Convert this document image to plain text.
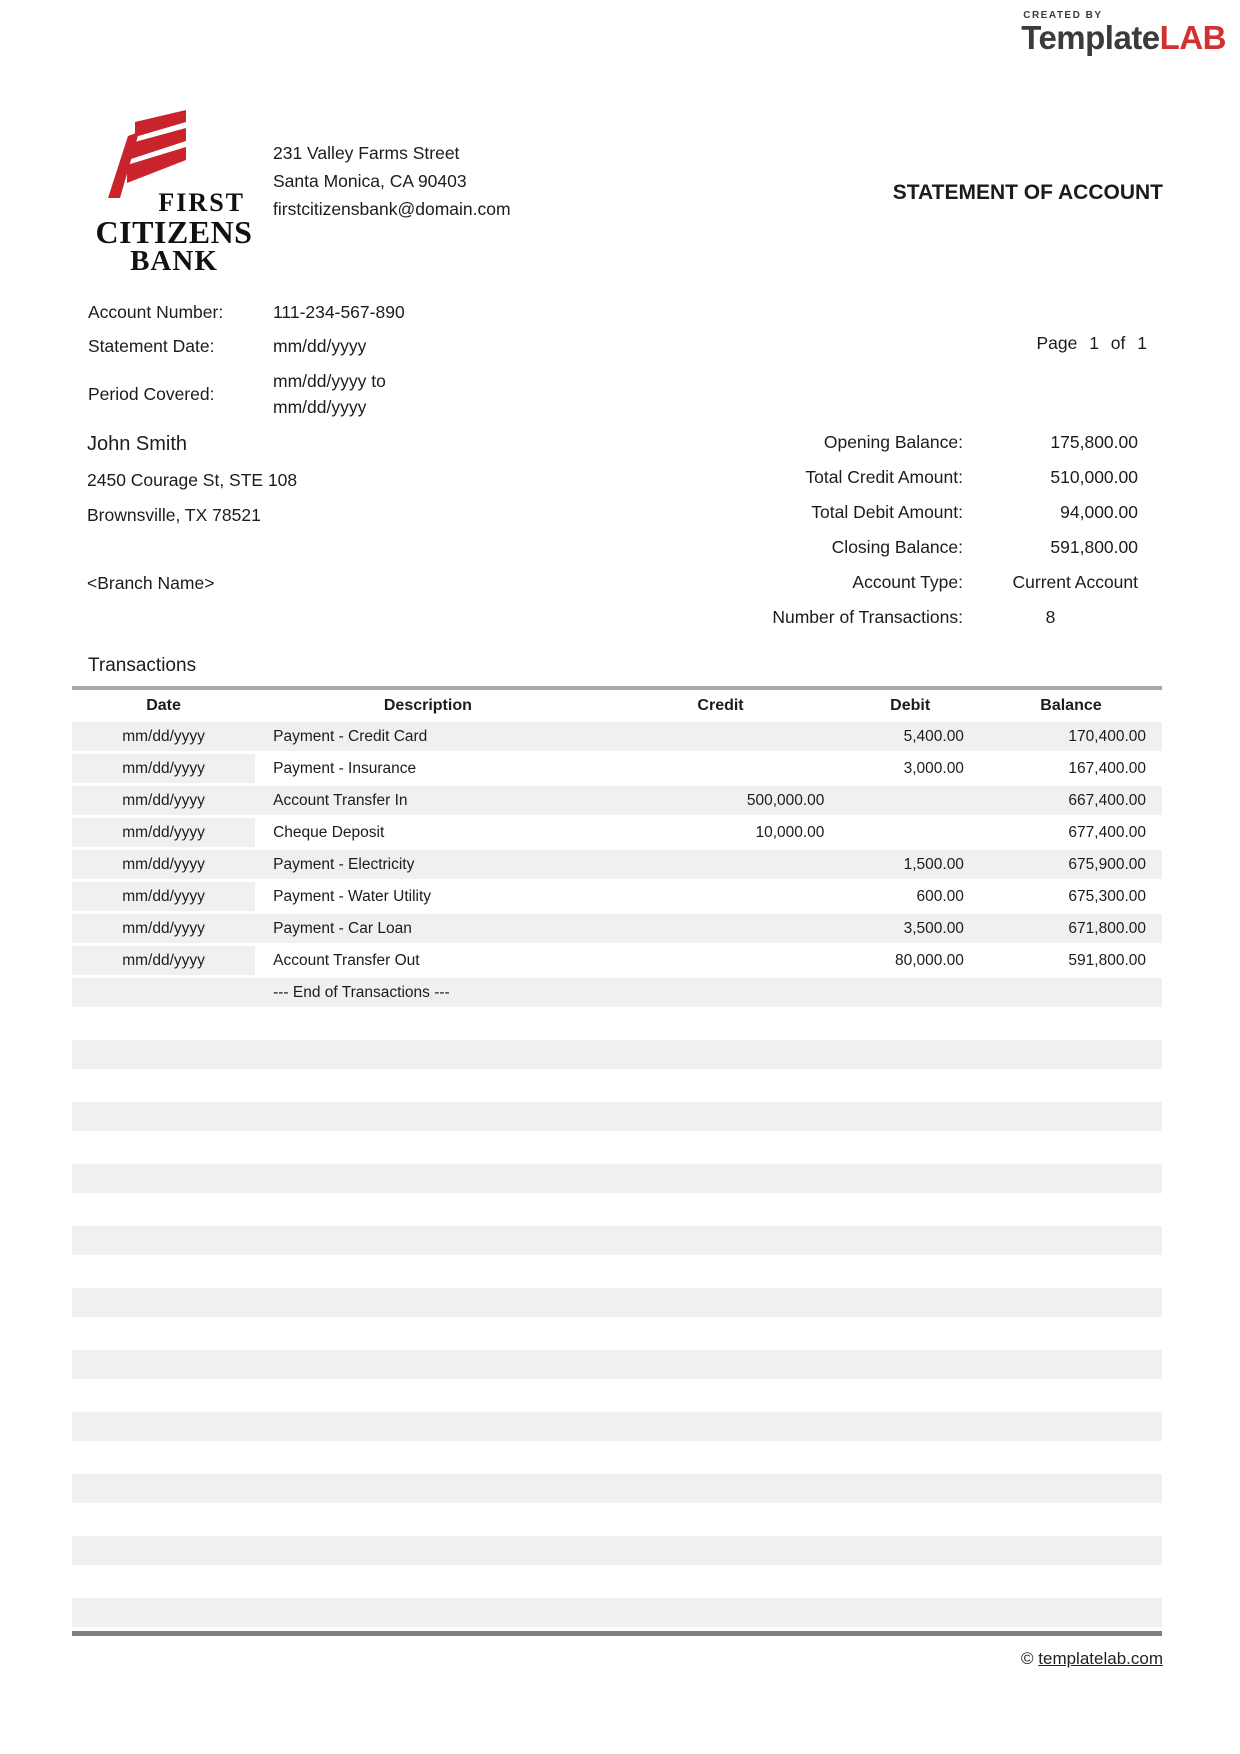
CREATED BY
TemplateLAB
FIRST
CITIZENS
BANK
231 Valley Farms Street
Santa Monica, CA 90403
firstcitizensbank@domain.com
STATEMENT OF ACCOUNT
Account Number:	111-234-567-890
Statement Date:	mm/dd/yyyy
Period Covered:
mm/dd/yyyy to
mm/dd/yyyy
Page 1 of 1
John Smith
2450 Courage St, STE 108
Brownsville, TX 78521
<Branch Name>
Opening Balance:	175,800.00
Total Credit Amount:	510,000.00
Total Debit Amount:	94,000.00
Closing Balance:	591,800.00
Account Type:	Current Account
Number of Transactions:	8
Transactions
Date	Description	Credit	Debit	Balance
mm/dd/yyyy	Payment - Credit Card		5,400.00	170,400.00
mm/dd/yyyy	Payment - Insurance		3,000.00	167,400.00
mm/dd/yyyy	Account Transfer In	500,000.00		667,400.00
mm/dd/yyyy	Cheque Deposit	10,000.00		677,400.00
mm/dd/yyyy	Payment - Electricity		1,500.00	675,900.00
mm/dd/yyyy	Payment - Water Utility		600.00	675,300.00
mm/dd/yyyy	Payment - Car Loan		3,500.00	671,800.00
mm/dd/yyyy	Account Transfer Out		80,000.00	591,800.00
	--- End of Transactions ---			
© templatelab.com
